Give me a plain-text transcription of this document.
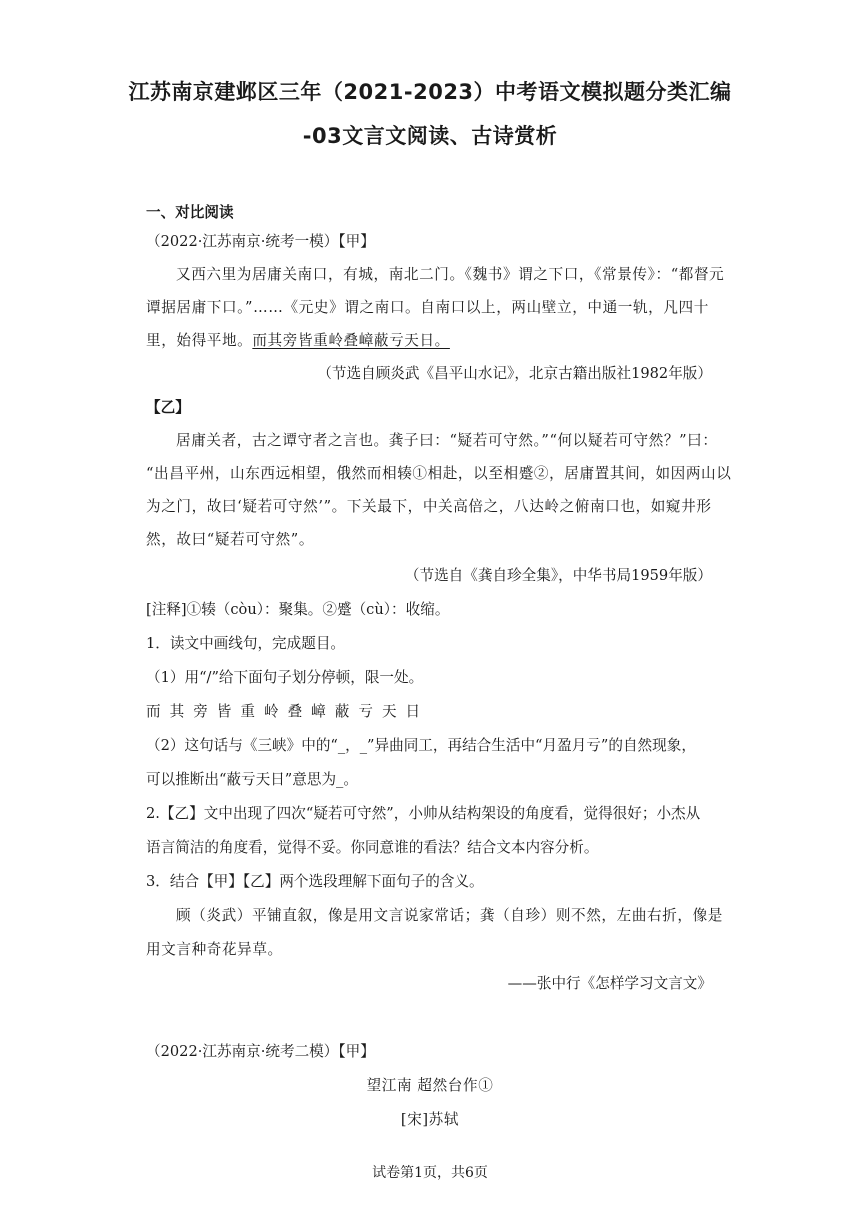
江苏南京建邺区三年（2021-2023）中考语文模拟题分类汇编
-03文言文阅读、古诗赏析
一、对比阅读
（2022·江苏南京·统考一模）【甲】
又西六里为居庸关南口，有城，南北二门。《魏书》谓之下口，《常景传》：“都督元
谭据居庸下口。”……《元史》谓之南口。自南口以上，两山壁立，中通一轨，凡四十
里，始得平地。而其旁皆重岭叠嶂蔽亏天日。
（节选自顾炎武《昌平山水记》，北京古籍出版社1982年版）
【乙】
居庸关者，古之谭守者之言也。龚子曰：“疑若可守然。”“何以疑若可守然？”曰：
“出昌平州，山东西远相望，俄然而相辏①相赴，以至相蹙②，居庸置其间，如因两山以
为之门，故曰‘疑若可守然’”。下关最下，中关高倍之，八达岭之俯南口也，如窥井形
然，故曰“疑若可守然”。
（节选自《龚自珍全集》，中华书局1959年版）
[注释]①辏（còu）：聚集。②蹙（cù）：收缩。
1．读文中画线句，完成题目。
（1）用“/”给下面句子划分停顿，限一处。
而其旁皆重岭叠嶂蔽亏天日
（2）这句话与《三峡》中的“_，_”异曲同工，再结合生活中“月盈月亏”的自然现象，
可以推断出“蔽亏天日”意思为_。
2.【乙】文中出现了四次“疑若可守然”，小帅从结构架设的角度看，觉得很好；小杰从
语言简洁的角度看，觉得不妥。你同意谁的看法？结合文本内容分析。
3．结合【甲】【乙】两个选段理解下面句子的含义。
顾（炎武）平铺直叙，像是用文言说家常话；龚（自珍）则不然，左曲右折，像是
用文言种奇花异草。
——张中行《怎样学习文言文》
（2022·江苏南京·统考二模）【甲】
望江南 超然台作①
[宋]苏轼
试卷第1页，共6页
